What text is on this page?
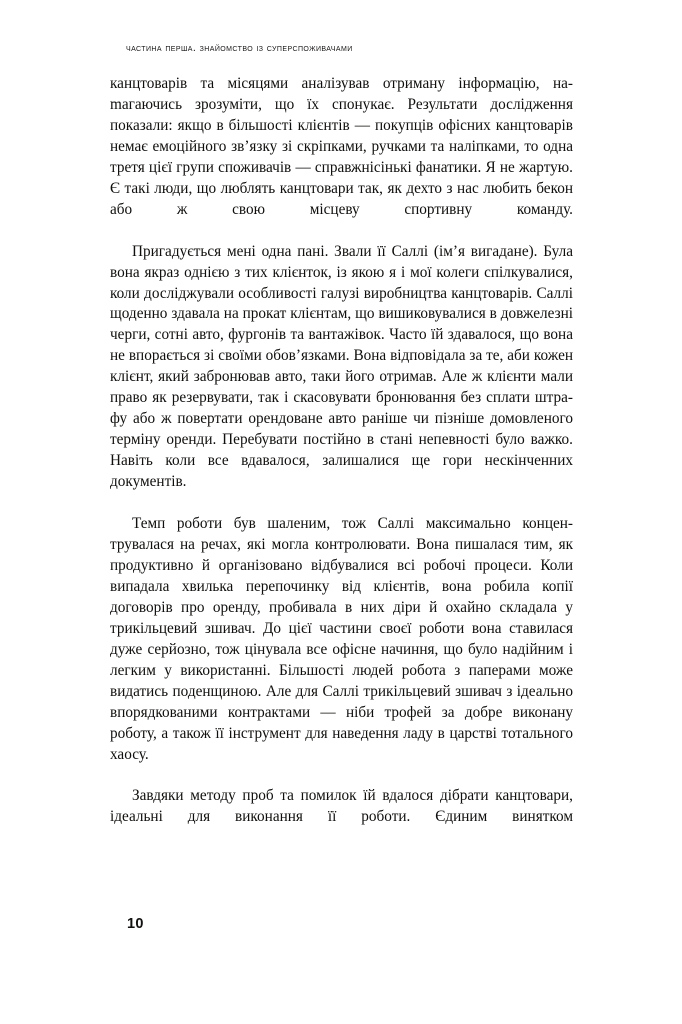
частина перша. знайомство із суперспоживачами

канцтоварів та місяцями аналізував отриману інформацію, наmагаючись зрозуміти, що їх спонукає. Результати дослідження показали: якщо в більшості клієнтів — покупців офісних канцтоварів немає емоційного зв’язку зі скріпками, ручками та наліпками, то одна третя цієї групи споживачів — справжнісінькі фанатики. Я не жартую. Є такі люди, що люблять канцтовари так, як дехто з нас любить бекон або ж свою місцеву спортивну команду.

Пригадується мені одна пані. Звали її Саллі (ім’я вигадане). Була вона якраз однією з тих клієнток, із якою я і мої колеги спілкувалися, коли досліджували особливості галузі виробництва канцтоварів. Саллі щоденно здавала на прокат клієнтам, що вишиковувалися в довжелезні черги, сотні авто, фургонів та вантажівок. Часто їй здавалося, що вона не впорається зі своїми обов’язками. Вона відповідала за те, аби кожен клієнт, який забронював авто, таки його отримав. Але ж клієнти мали право як резервувати, так і скасовувати бронювання без сплати штрафу або ж повертати орендоване авто раніше чи пізніше домовленого терміну оренди. Перебувати постійно в стані непевності було важко. Навіть коли все вдавалося, залишалися ще гори нескінченних документів.

Темп роботи був шаленим, тож Саллі максимально концентрувалася на речах, які могла контролювати. Вона пишалася тим, як продуктивно й організовано відбувалися всі робочі процеси. Коли випадала хвилька перепочинку від клієнтів, вона робила копії договорів про оренду, пробивала в них діри й охайно складала у трикільцевий зшивач. До цієї частини своєї роботи вона ставилася дуже серйозно, тож цінувала все офісне начиння, що було надійним і легким у використанні. Більшості людей робота з паперами може видатись поденщиною. Але для Саллі трикільцевий зшивач з ідеально впорядкованими контрактами — ніби трофей за добре виконану роботу, а також її інструмент для наведення ладу в царстві тотального хаосу.

Завдяки методу проб та помилок їй вдалося дібрати канцтовари, ідеальні для виконання її роботи. Єдиним винятком

10
